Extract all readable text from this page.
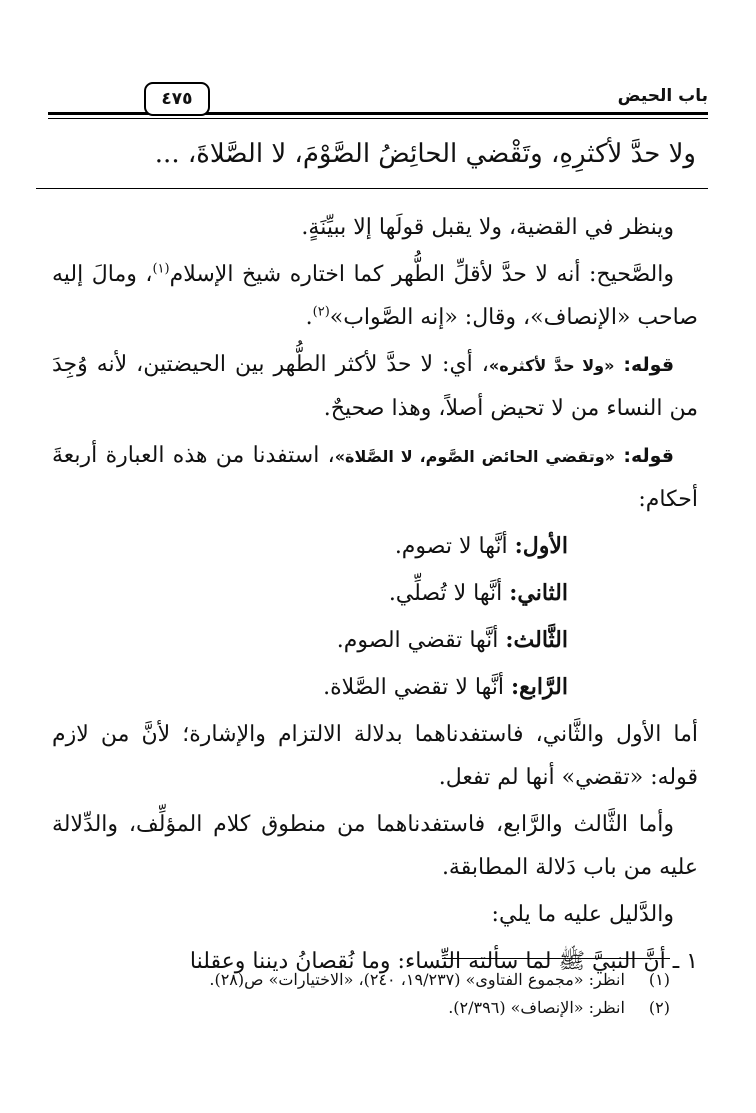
باب الحيض
٤٧٥
ولا حدَّ لأكثرِهِ، وتَقْضي الحائِضُ الصَّوْمَ، لا الصَّلاةَ، ...

وينظر في القضية، ولا يقبل قولَها إلا ببيِّنَةٍ.

والصَّحيح: أنه لا حدَّ لأقلِّ الطُّهر كما اختاره شيخ الإسلام$^{(١)}$، ومالَ إليه صاحب «الإنصاف»، وقال: «إنه الصَّواب»$^{(٢)}$.

قوله: «ولا حدَّ لأكثره»، أي: لا حدَّ لأكثر الطُّهر بين الحيضتين، لأنه وُجِدَ من النساء من لا تحيض أصلاً، وهذا صحيحٌ.

قوله: «وتقضي الحائض الصَّوم، لا الصَّلاة»، استفدنا من هذه العبارة أربعةَ أحكام:

الأول: أنَّها لا تصوم.

الثاني: أنَّها لا تُصلِّي.

الثَّالث: أنَّها تقضي الصوم.

الرَّابع: أنَّها لا تقضي الصَّلاة.

أما الأول والثَّاني، فاستفدناهما بدلالة الالتزام والإشارة؛ لأنَّ من لازم قوله: «تقضي» أنها لم تفعل.

وأما الثَّالث والرَّابع، فاستفدناهما من منطوق كلام المؤلِّف، والدِّلالة عليه من باب دَلالة المطابقة.

والدَّليل عليه ما يلي:

١ ـ أنَّ النبيَّ ﷺ لما سألته النِّساء: وما نُقصانُ ديننا وعقلنا

(١) انظر: «مجموع الفتاوى» (١٩/٢٣٧، ٢٤٠)، «الاختيارات» ص(٢٨).
(٢) انظر: «الإنصاف» (٢/٣٩٦).
